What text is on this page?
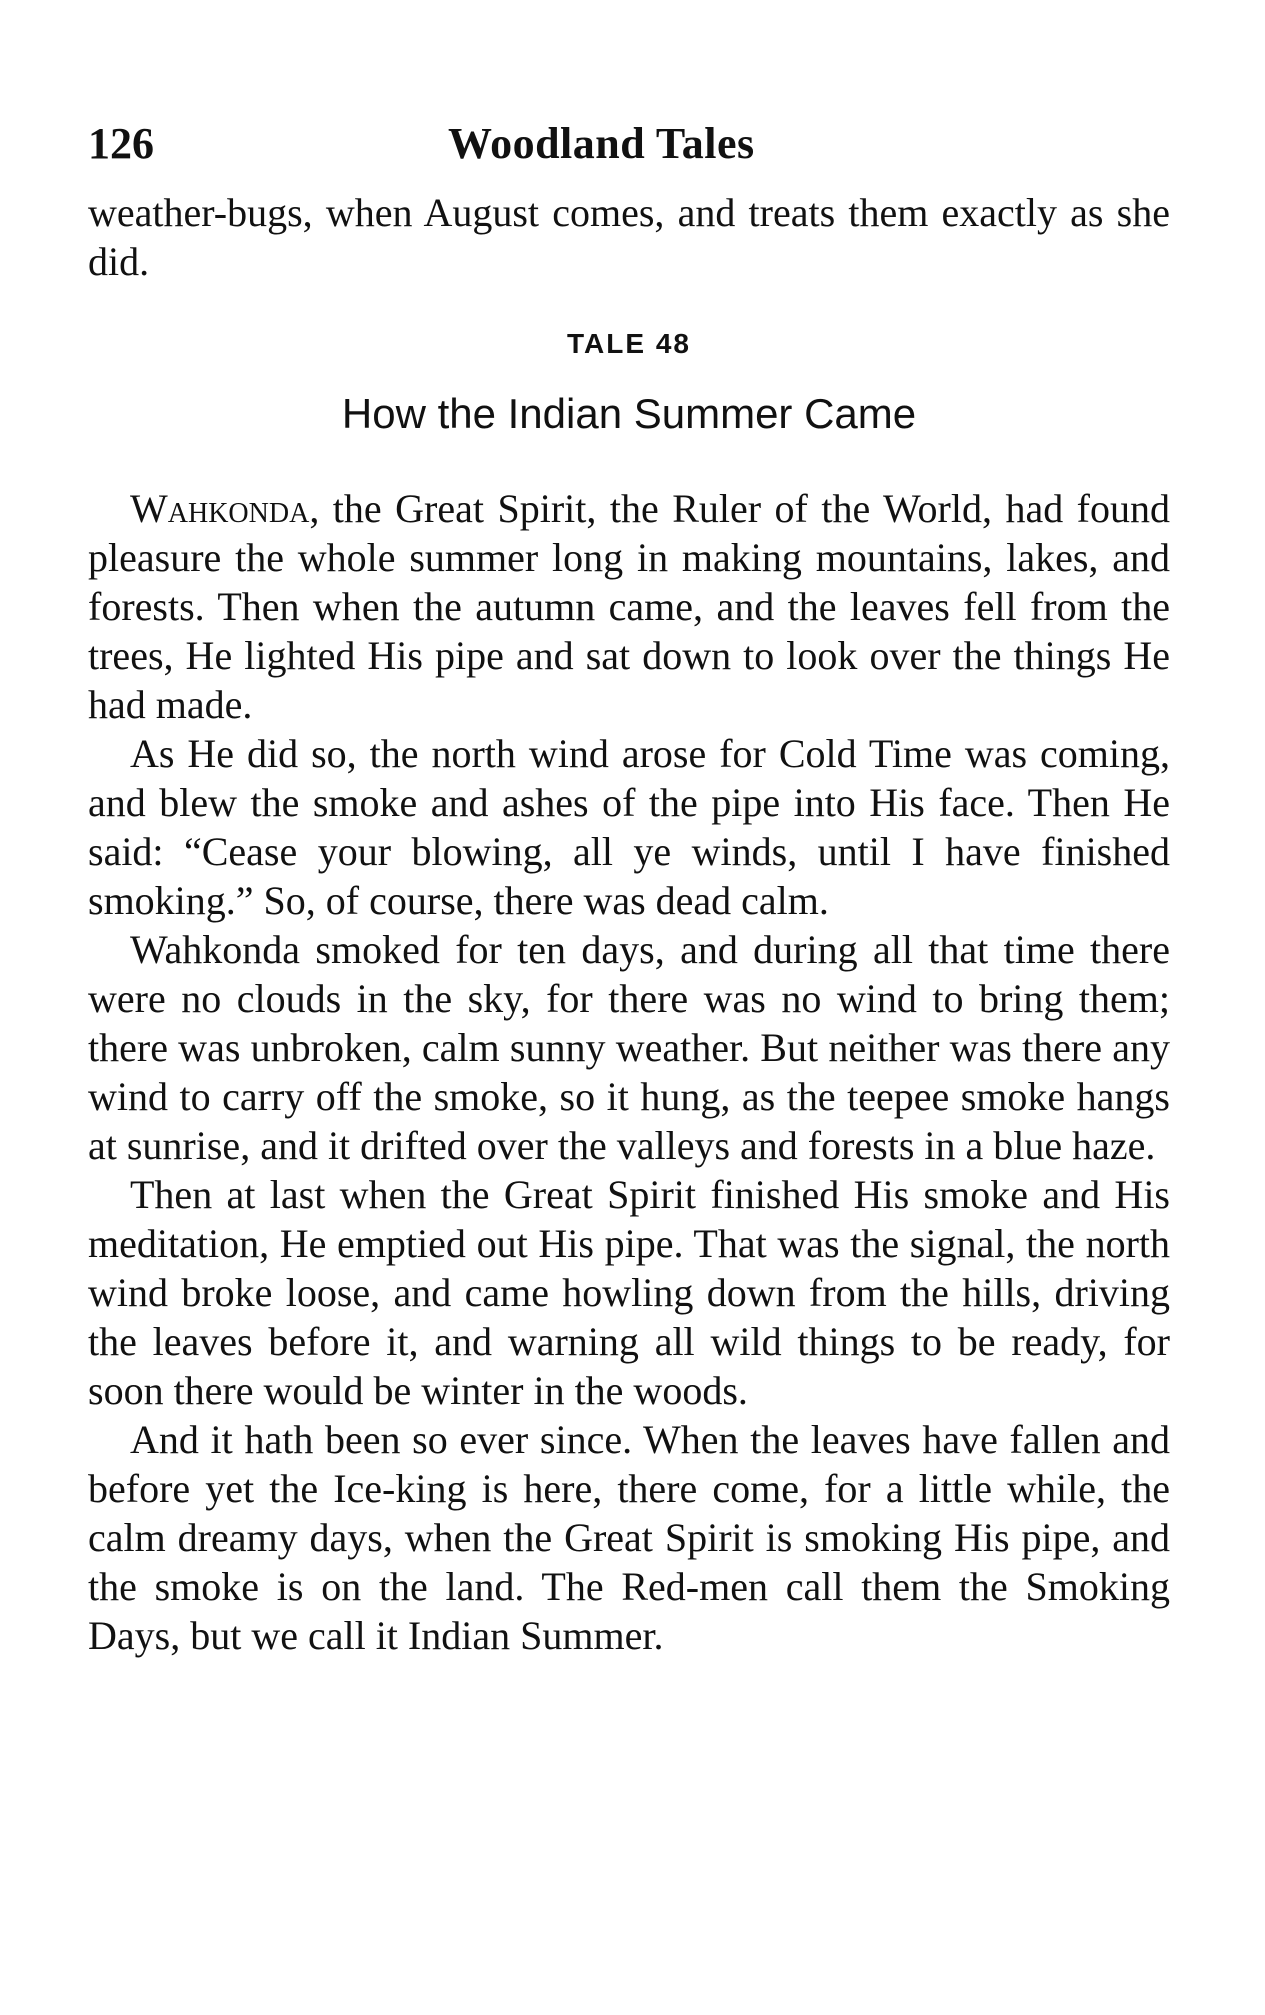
126	Woodland Tales

weather-bugs, when August comes, and treats them exactly as she did.

TALE 48
How the Indian Summer Came

Wahkonda, the Great Spirit, the Ruler of the World, had found pleasure the whole summer long in making mountains, lakes, and forests. Then when the autumn came, and the leaves fell from the trees, He lighted His pipe and sat down to look over the things He had made.

As He did so, the north wind arose for Cold Time was coming, and blew the smoke and ashes of the pipe into His face. Then He said: “Cease your blowing, all ye winds, until I have finished smoking.” So, of course, there was dead calm.

Wahkonda smoked for ten days, and during all that time there were no clouds in the sky, for there was no wind to bring them; there was unbroken, calm sunny weather. But neither was there any wind to carry off the smoke, so it hung, as the teepee smoke hangs at sunrise, and it drifted over the valleys and forests in a blue haze.

Then at last when the Great Spirit finished His smoke and His meditation, He emptied out His pipe. That was the signal, the north wind broke loose, and came howling down from the hills, driving the leaves before it, and warning all wild things to be ready, for soon there would be winter in the woods.

And it hath been so ever since. When the leaves have fallen and before yet the Ice-king is here, there come, for a little while, the calm dreamy days, when the Great Spirit is smoking His pipe, and the smoke is on the land. The Red-men call them the Smoking Days, but we call it Indian Summer.
